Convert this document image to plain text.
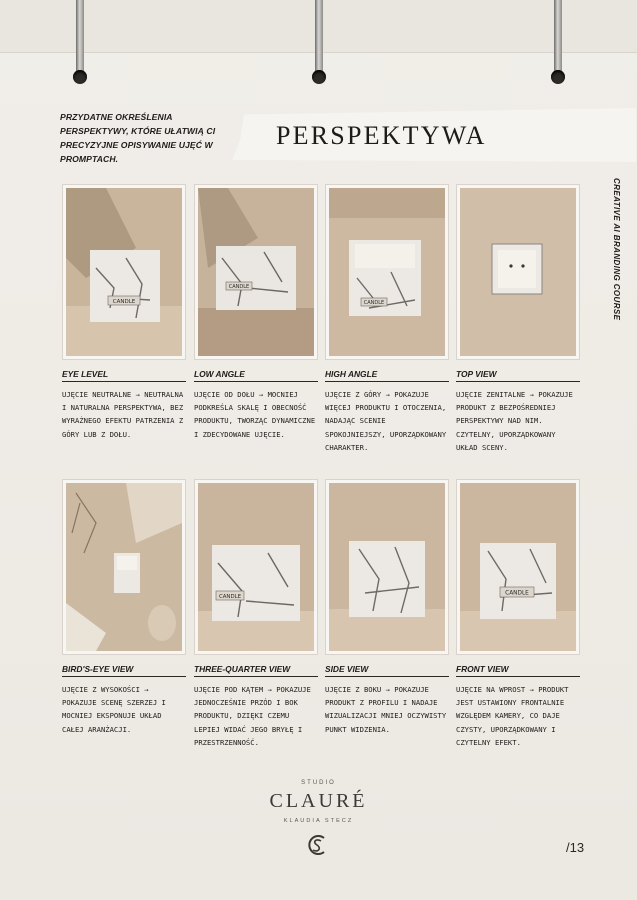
PRZYDATNE OKREŚLENIA PERSPEKTYWY, KTÓRE UŁATWIĄ CI PRECYZYJNE OPISYWANIE UJĘĆ W PROMPTACH.
PERSPEKTYWA
CREATIVE AI BRANDING COURSE
CANDLE
EYE LEVEL
UJĘCIE NEUTRALNE → NEUTRALNA I NATURALNA PERSPEKTYWA, BEZ WYRAŻNEGO EFEKTU PATRZENIA Z GÓRY LUB Z DOŁU.
CANDLE
LOW ANGLE
UJĘCIE OD DOŁU → MOCNIEJ PODKREŚLA SKALĘ I OBECNOŚĆ PRODUKTU, TWORZĄC DYNAMICZNE I ZDECYDOWANE UJĘCIE.
CANDLE
HIGH ANGLE
UJĘCIE Z GÓRY → POKAZUJE WIĘCEJ PRODUKTU I OTOCZENIA, NADAJĄC SCENIE SPOKOJNIEJSZY, UPORZĄDKOWANY CHARAKTER.
TOP VIEW
UJĘCIE ZENITALNE → POKAZUJE PRODUKT Z BEZPOŚREDNIEJ PERSPEKTYWY NAD NIM. CZYTELNY, UPORZĄDKOWANY UKŁAD SCENY.
BIRD'S-EYE VIEW
UJĘCIE Z WYSOKOŚCI → POKAZUJE SCENĘ SZERZEJ I MOCNIEJ EKSPONUJE UKŁAD CAŁEJ ARANŻACJI.
CANDLE
THREE-QUARTER VIEW
UJĘCIE POD KĄTEM → POKAZUJE JEDNOCZEŚNIE PRZÓD I BOK PRODUKTU, DZIĘKI CZEMU LEPIEJ WIDAĆ JEGO BRYŁĘ I PRZESTRZENNOŚĆ.
SIDE VIEW
UJĘCIE Z BOKU → POKAZUJE PRODUKT Z PROFILU I NADAJE WIZUALIZACJI MNIEJ OCZYWISTY PUNKT WIDZENIA.
CANDLE
FRONT VIEW
UJĘCIE NA WPROST → PRODUKT JEST USTAWIONY FRONTALNIE WZGLĘDEM KAMERY, CO DAJE CZYSTY, UPORZĄDKOWANY I CZYTELNY EFEKT.
STUDIO
CLAURÉ
KLAUDIA STECZ
/13
